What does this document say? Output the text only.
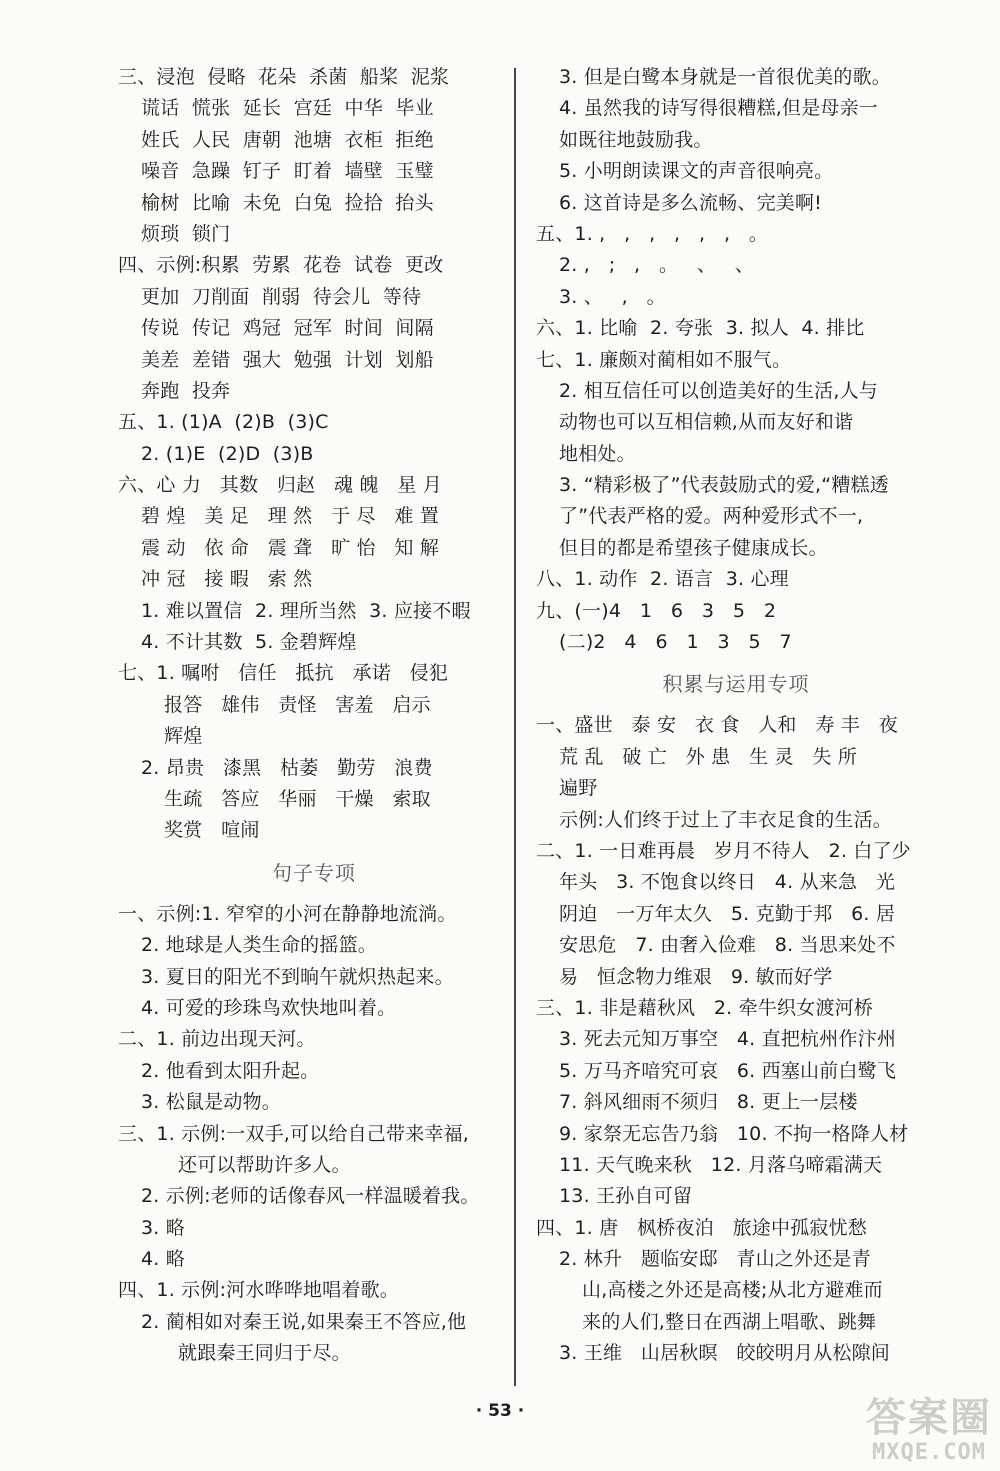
三、浸泡  侵略  花朵  杀菌  船桨  泥浆
谎话  慌张  延长  宫廷  中华  毕业
姓氏  人民  唐朝  池塘  衣柜  拒绝
噪音  急躁  钉子  盯着  墙壁  玉璧
榆树  比喻  未免  白兔  捡拾  抬头
烦琐  锁门
四、示例:积累  劳累  花卷  试卷  更改
更加  刀削面  削弱  待会儿  等待
传说  传记  鸡冠  冠军  时间  间隔
美差  差错  强大  勉强  计划  划船
奔跑  投奔
五、1. (1)A  (2)B  (3)C
2. (1)E  (2)D  (3)B
六、心 力   其数   归赵   魂 魄   星 月
碧 煌   美 足   理 然   于 尽   难 置
震 动   依 命   震 聋   旷 怡   知 解
冲 冠   接 暇   索 然
1. 难以置信  2. 理所当然  3. 应接不暇
4. 不计其数  5. 金碧辉煌
七、1. 嘱咐   信任   抵抗   承诺   侵犯
报答   雄伟   责怪   害羞   启示
辉煌
2. 昂贵   漆黑   枯萎   勤劳   浪费
生疏   答应   华丽   干燥   索取
奖赏   喧闹
句子专项
一、示例:1. 窄窄的小河在静静地流淌。
2. 地球是人类生命的摇篮。
3. 夏日的阳光不到晌午就炽热起来。
4. 可爱的珍珠鸟欢快地叫着。
二、1. 前边出现天河。
2. 他看到太阳升起。
3. 松鼠是动物。
三、1. 示例:一双手,可以给自己带来幸福,
还可以帮助许多人。
2. 示例:老师的话像春风一样温暖着我。
3. 略
4. 略
四、1. 示例:河水哗哗地唱着歌。
2. 蔺相如对秦王说,如果秦王不答应,他
就跟秦王同归于尽。
3. 但是白鹭本身就是一首很优美的歌。
4. 虽然我的诗写得很糟糕,但是母亲一
如既往地鼓励我。
5. 小明朗读课文的声音很响亮。
6. 这首诗是多么流畅、完美啊!
五、1. ,   ,   ,   ,   ,   ,   。
2. ,   ;   ,   。   、   、
3. 、   ,   。
六、1. 比喻  2. 夸张  3. 拟人  4. 排比
七、1. 廉颇对蔺相如不服气。
2. 相互信任可以创造美好的生活,人与
动物也可以互相信赖,从而友好和谐
地相处。
3. “精彩极了”代表鼓励式的爱,“糟糕透
了”代表严格的爱。两种爱形式不一,
但目的都是希望孩子健康成长。
八、1. 动作  2. 语言  3. 心理
九、(一)4   1   6   3   5   2
(二)2   4   6   1   3   5   7
积累与运用专项
一、盛世   泰 安   衣 食   人和   寿 丰   夜
荒 乱   破 亡   外 患   生 灵   失 所
遍野
示例:人们终于过上了丰衣足食的生活。
二、1. 一日难再晨   岁月不待人   2. 白了少
年头   3. 不饱食以终日   4. 从来急   光
阴迫   一万年太久   5. 克勤于邦   6. 居
安思危   7. 由奢入俭难   8. 当思来处不
易   恒念物力维艰   9. 敏而好学
三、1. 非是藉秋风   2. 牵牛织女渡河桥
3. 死去元知万事空   4. 直把杭州作汴州
5. 万马齐喑究可哀   6. 西塞山前白鹭飞
7. 斜风细雨不须归   8. 更上一层楼
9. 家祭无忘告乃翁   10. 不拘一格降人材
11. 天气晚来秋   12. 月落乌啼霜满天
13. 王孙自可留
四、1. 唐   枫桥夜泊   旅途中孤寂忧愁
2. 林升   题临安邸   青山之外还是青
山,高楼之外还是高楼;从北方避难而
来的人们,整日在西湖上唱歌、跳舞
3. 王维   山居秋暝   皎皎明月从松隙间
· 53 ·	答案圈
MXQE.COM
